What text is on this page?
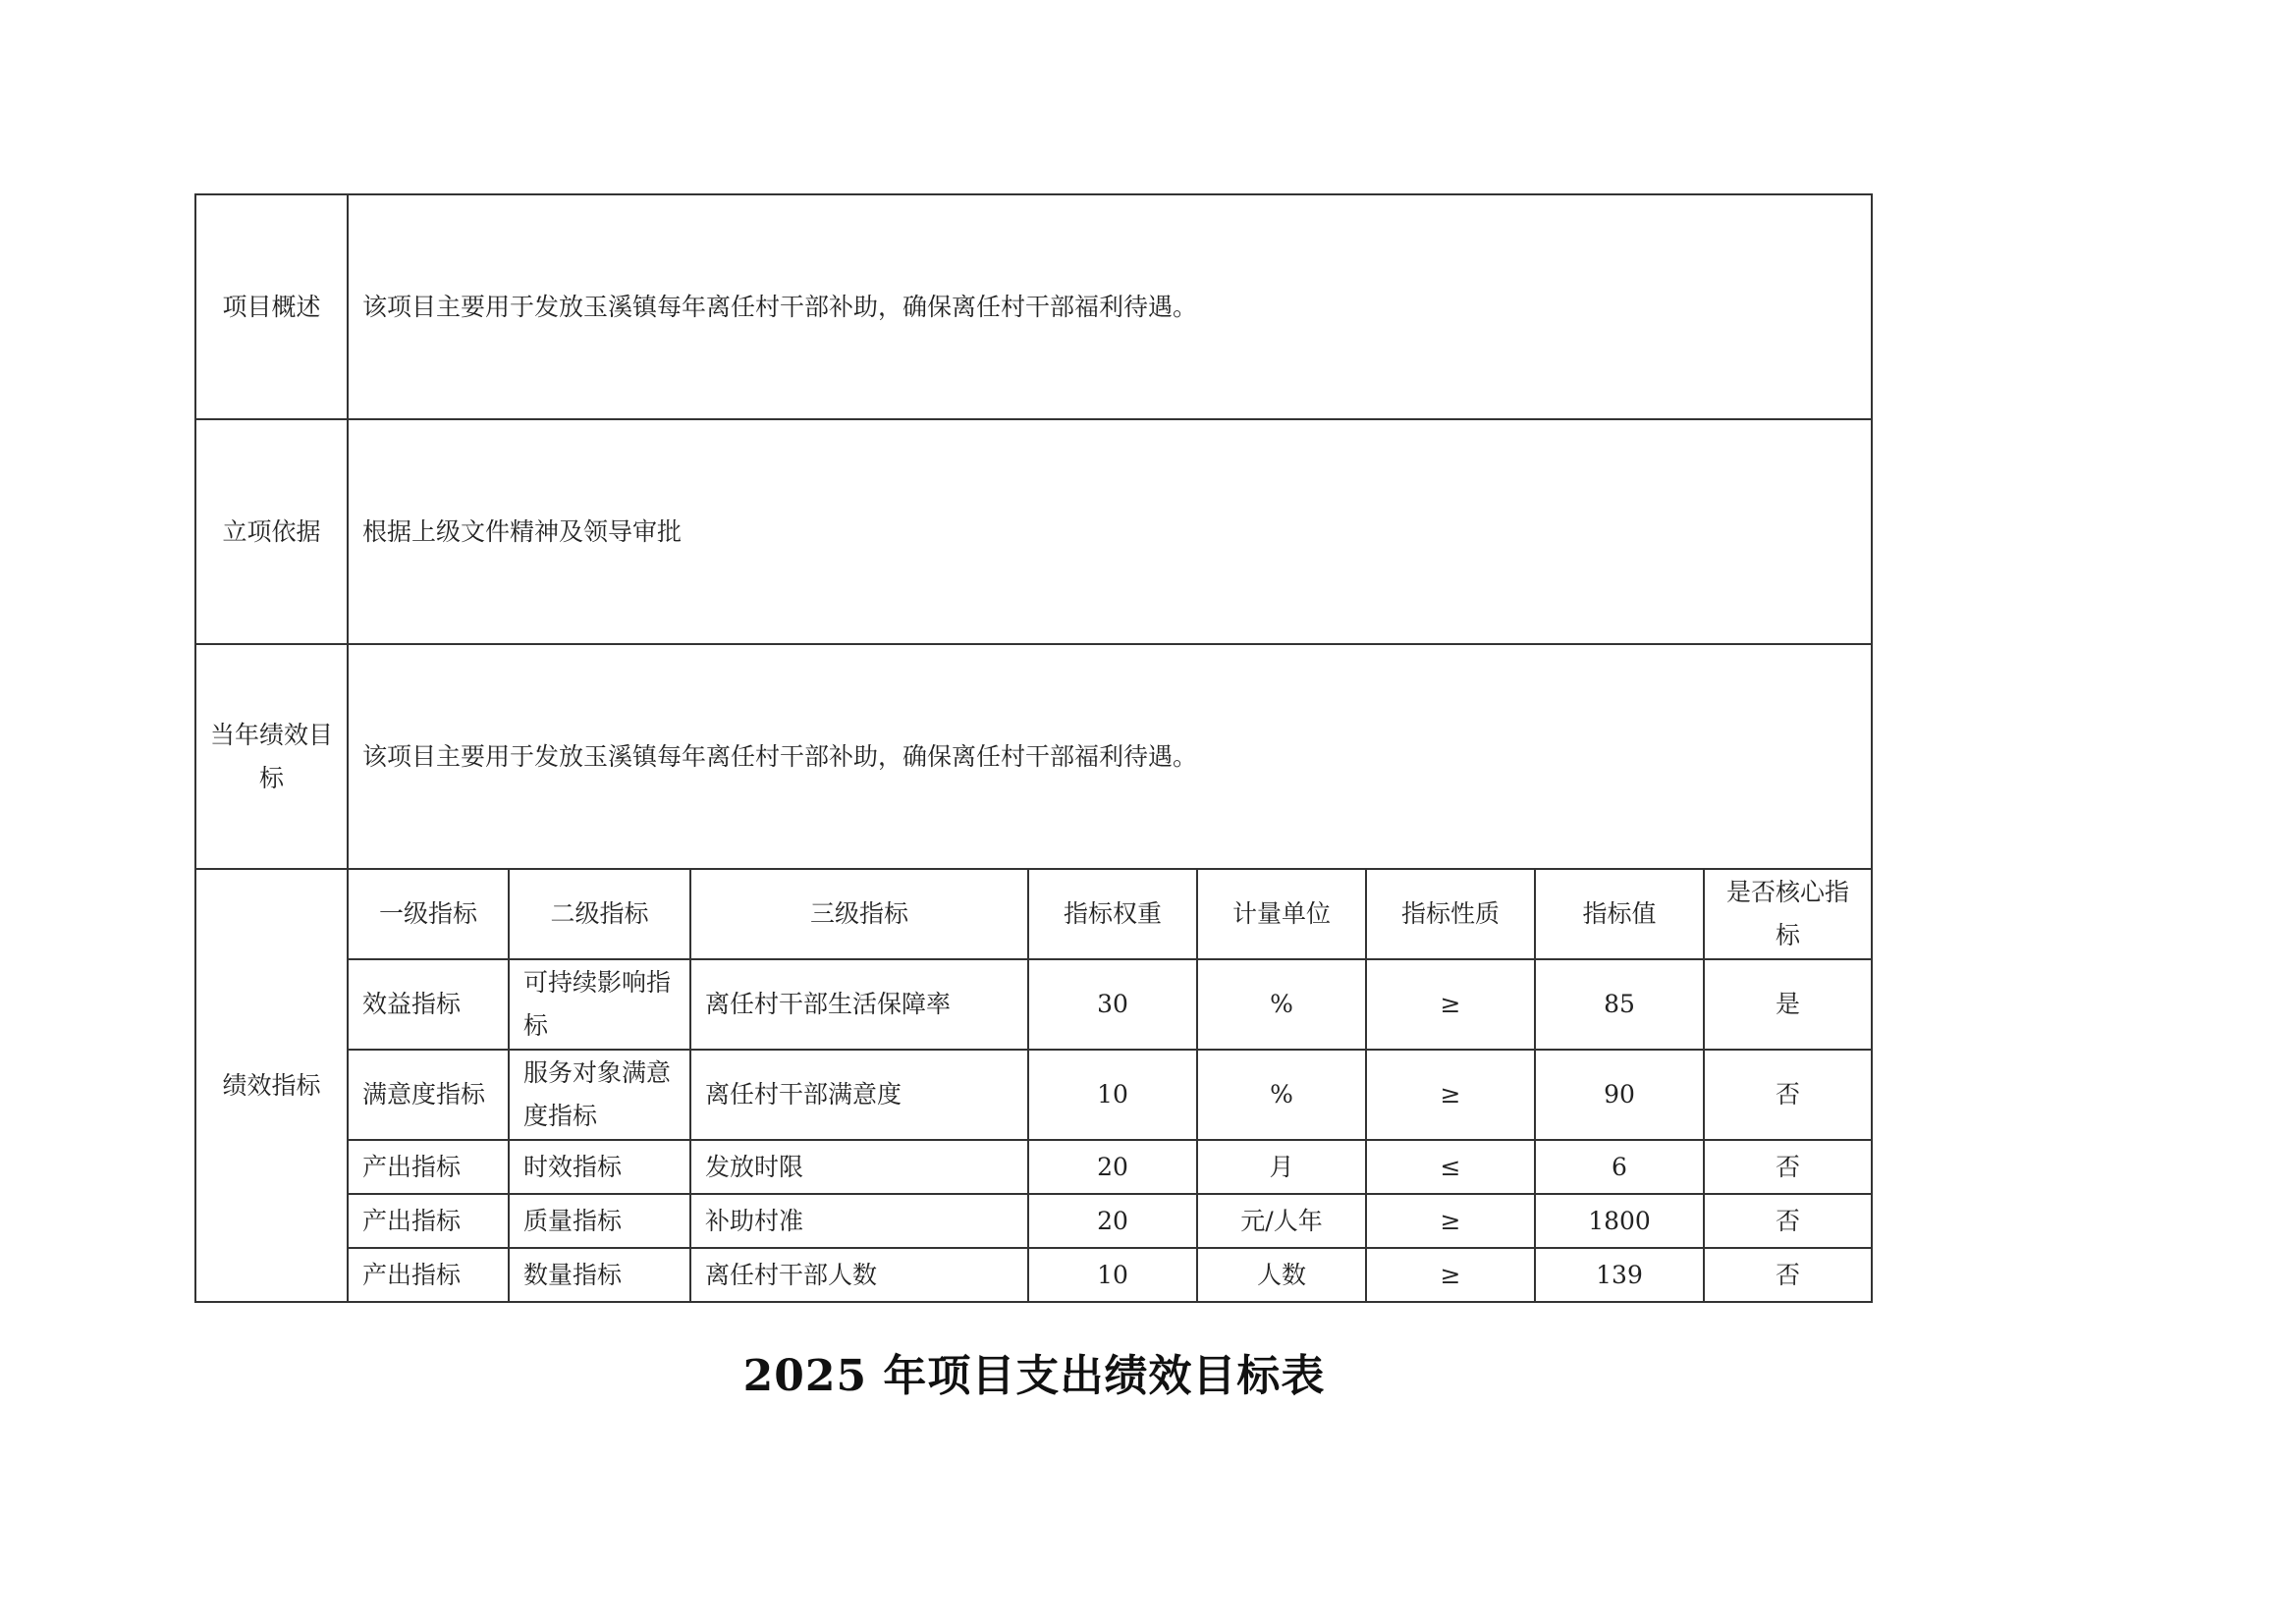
项目概述	该项目主要用于发放玉溪镇每年离任村干部补助，确保离任村干部福利待遇。							
立项依据	根据上级文件精神及领导审批							
当年绩效目标	该项目主要用于发放玉溪镇每年离任村干部补助，确保离任村干部福利待遇。							
绩效指标	一级指标	二级指标	三级指标	指标权重	计量单位	指标性质	指标值	是否核心指标
	效益指标	可持续影响指标	离任村干部生活保障率	30	%	≥	85	是
	满意度指标	服务对象满意度指标	离任村干部满意度	10	%	≥	90	否
	产出指标	时效指标	发放时限	20	月	≤	6	否
	产出指标	质量指标	补助村准	20	元/人年	≥	1800	否
	产出指标	数量指标	离任村干部人数	10	人数	≥	139	否
2025 年项目支出绩效目标表
